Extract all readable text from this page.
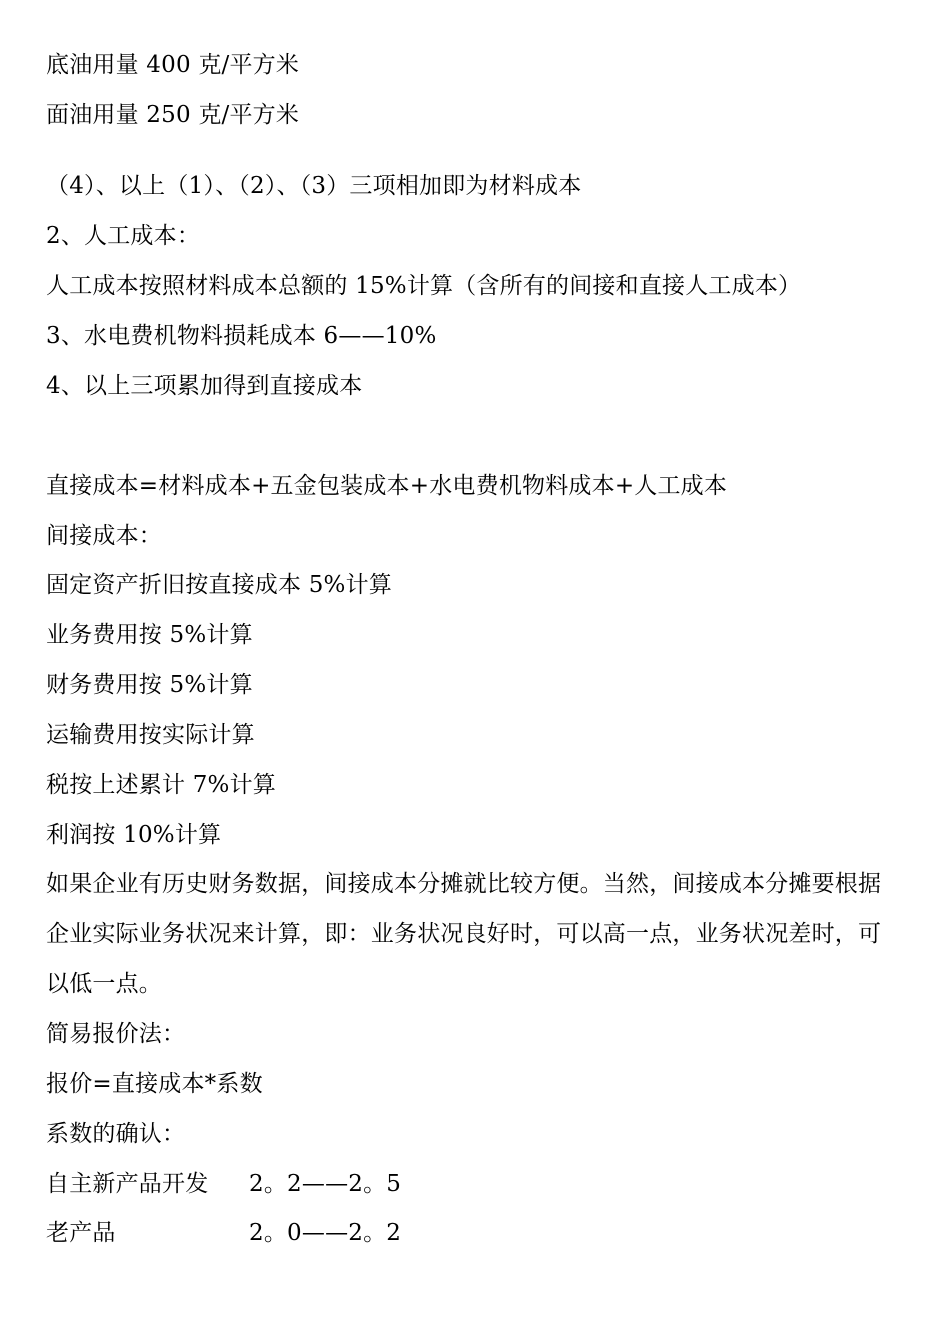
底油用量 400 克/平方米
面油用量 250 克/平方米
（4）、以上（1）、（2）、（3）三项相加即为材料成本
2、人工成本：
人工成本按照材料成本总额的 15%计算（含所有的间接和直接人工成本）
3、水电费机物料损耗成本 6——10%
4、以上三项累加得到直接成本
直接成本=材料成本+五金包装成本+水电费机物料成本+人工成本
间接成本：
固定资产折旧按直接成本 5%计算
业务费用按 5%计算
财务费用按 5%计算
运输费用按实际计算
税按上述累计 7%计算
利润按 10%计算
如果企业有历史财务数据，间接成本分摊就比较方便。当然，间接成本分摊要根据
企业实际业务状况来计算，即：业务状况良好时，可以高一点，业务状况差时，可
以低一点。
简易报价法：
报价=直接成本*系数
系数的确认：
自主新产品开发	2。2——2。5
老产品	2。0——2。2
